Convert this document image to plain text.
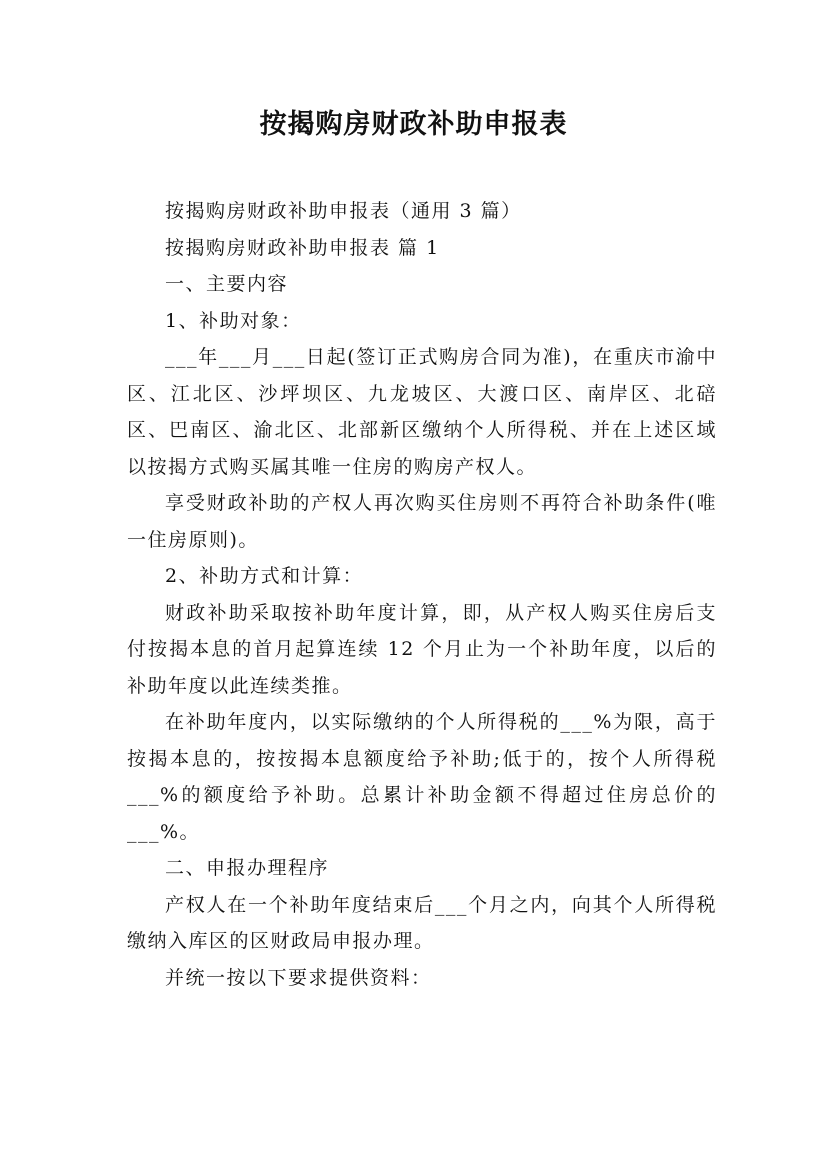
按揭购房财政补助申报表

按揭购房财政补助申报表（通用 3 篇）

按揭购房财政补助申报表 篇 1

一、主要内容

1、补助对象：

___年___月___日起(签订正式购房合同为准)，在重庆市渝中区、江北区、沙坪坝区、九龙坡区、大渡口区、南岸区、北碚区、巴南区、渝北区、北部新区缴纳个人所得税、并在上述区域以按揭方式购买属其唯一住房的购房产权人。

享受财政补助的产权人再次购买住房则不再符合补助条件(唯一住房原则)。

2、补助方式和计算：

财政补助采取按补助年度计算，即，从产权人购买住房后支付按揭本息的首月起算连续 12 个月止为一个补助年度，以后的补助年度以此连续类推。

在补助年度内，以实际缴纳的个人所得税的___%为限，高于按揭本息的，按按揭本息额度给予补助;低于的，按个人所得税___%的额度给予补助。总累计补助金额不得超过住房总价的___%。

二、申报办理程序

产权人在一个补助年度结束后___个月之内，向其个人所得税缴纳入库区的区财政局申报办理。

并统一按以下要求提供资料：
